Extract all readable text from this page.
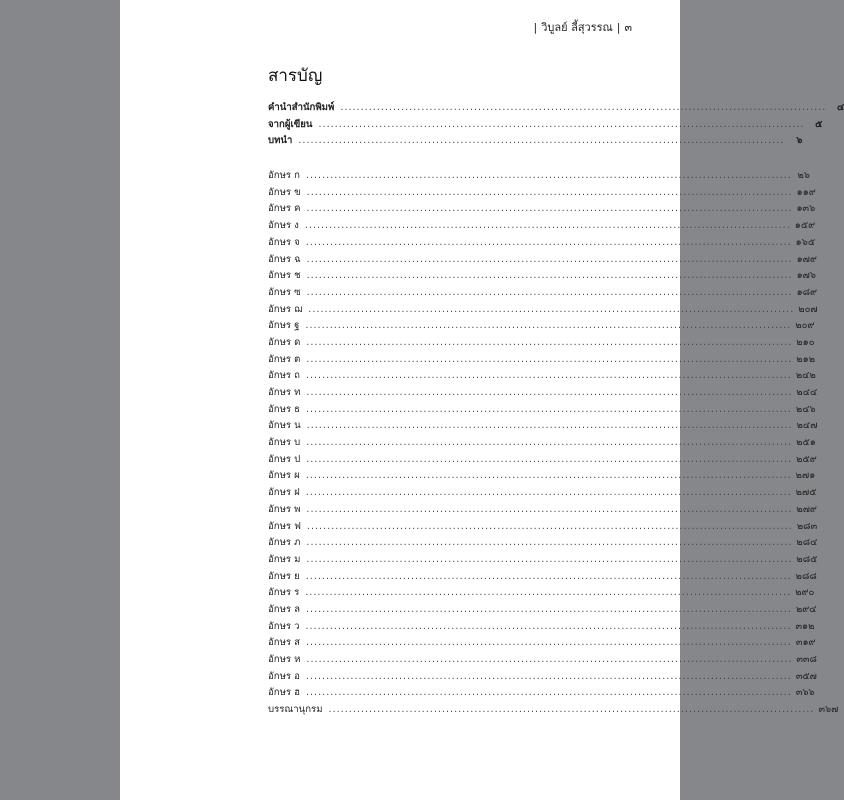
| วิบูลย์ ลี้สุวรรณ | ๓
สารบัญ
คำนำสำนักพิมพ์ ........................................................................................................................	๔
จากผู้เขียน ........................................................................................................................	๕
บทนำ ........................................................................................................................	๖
อักษร ก ........................................................................................................................ ๒๖
อักษร ข ........................................................................................................................ ๑๑๙
อักษร ค ........................................................................................................................ ๑๓๖
อักษร ง ........................................................................................................................ ๑๕๙
อักษร จ ........................................................................................................................ ๑๖๕
อักษร ฉ ........................................................................................................................ ๑๗๙
อักษร ช ........................................................................................................................ ๑๗๖
อักษร ซ ........................................................................................................................ ๑๘๙
อักษร ฌ ........................................................................................................................ ๒๐๗
อักษร ฐ ........................................................................................................................ ๒๐๙
อักษร ด ........................................................................................................................ ๒๑๐
อักษร ต ........................................................................................................................ ๒๑๒
อักษร ถ ........................................................................................................................ ๒๔๒
อักษร ท ........................................................................................................................ ๒๔๔
อักษร ธ ........................................................................................................................ ๒๔๖
อักษร น ........................................................................................................................ ๒๔๗
อักษร บ ........................................................................................................................ ๒๕๑
อักษร ป ........................................................................................................................ ๒๕๙
อักษร ผ ........................................................................................................................ ๒๗๑
อักษร ฝ ........................................................................................................................ ๒๗๕
อักษร พ ........................................................................................................................ ๒๗๙
อักษร ฟ ........................................................................................................................ ๒๘๓
อักษร ภ ........................................................................................................................ ๒๘๔
อักษร ม ........................................................................................................................ ๒๘๕
อักษร ย ........................................................................................................................ ๒๘๘
อักษร ร ........................................................................................................................ ๒๙๐
อักษร ล ........................................................................................................................ ๒๙๔
อักษร ว ........................................................................................................................ ๓๑๒
อักษร ส ........................................................................................................................ ๓๑๙
อักษร ห ........................................................................................................................ ๓๓๘
อักษร อ ........................................................................................................................ ๓๕๗
อักษร ฮ ........................................................................................................................ ๓๖๖
บรรณานุกรม ........................................................................................................................ ๓๖๗
